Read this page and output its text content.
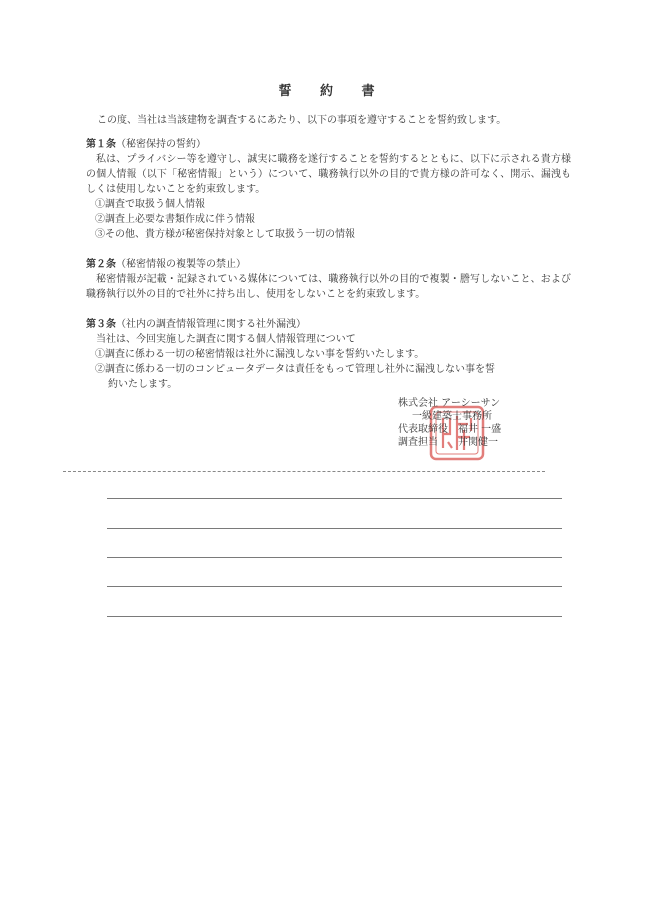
誓 約 書
この度、当社は当該建物を調査するにあたり、以下の事項を遵守することを誓約致します。
第１条（秘密保持の誓約）
私は、プライバシー等を遵守し、誠実に職務を遂行することを誓約するとともに、以下に示される貴方様の個人情報（以下「秘密情報」という）について、職務執行以外の目的で貴方様の許可なく、開示、漏洩もしくは使用しないことを約束致します。
①調査で取扱う個人情報
②調査上必要な書類作成に伴う情報
③その他、貴方様が秘密保持対象として取扱う一切の情報
第２条（秘密情報の複製等の禁止）
秘密情報が記載・記録されている媒体については、職務執行以外の目的で複製・謄写しないこと、および職務執行以外の目的で社外に持ち出し、使用をしないことを約束致します。
第３条（社内の調査情報管理に関する社外漏洩）
当社は、今回実施した調査に関する個人情報管理について
①調査に係わる一切の秘密情報は社外に漏洩しない事を誓約いたします。
②調査に係わる一切のコンピュータデータは責任をもって管理し社外に漏洩しない事を誓
約いたします。
株式会社 アーシーサン
一級建築士事務所
代表取締役　福井 一盛
調査担当　　井関健一
